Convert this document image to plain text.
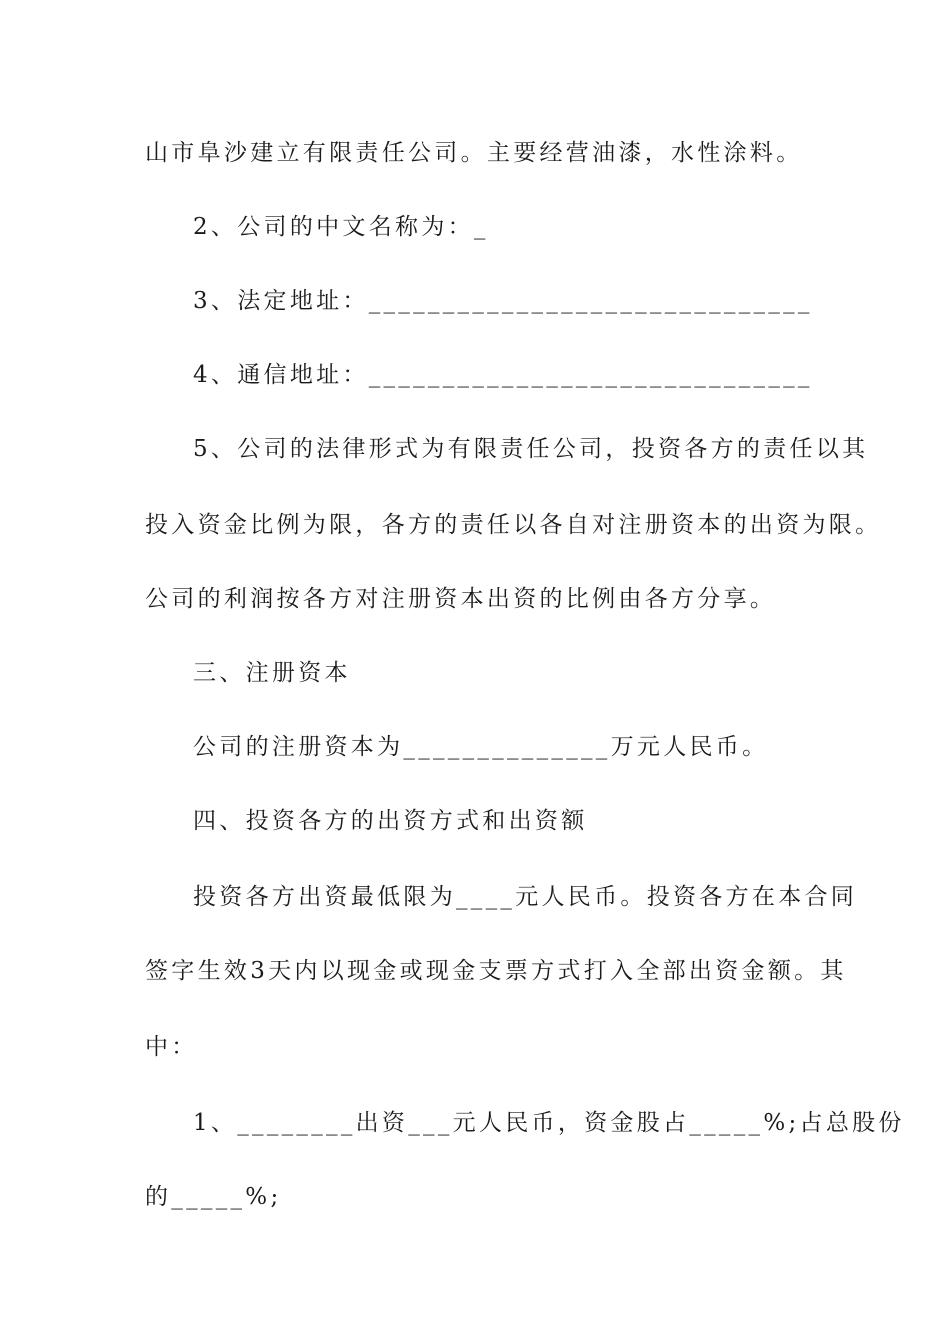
山市阜沙建立有限责任公司。主要经营油漆，水性涂料。
2、公司的中文名称为：_
3、法定地址：______________________________
4、通信地址：______________________________
5、公司的法律形式为有限责任公司，投资各方的责任以其
投入资金比例为限，各方的责任以各自对注册资本的出资为限。
公司的利润按各方对注册资本出资的比例由各方分享。
三、注册资本
公司的注册资本为______________万元人民币。
四、投资各方的出资方式和出资额
投资各方出资最低限为____元人民币。投资各方在本合同
签字生效3天内以现金或现金支票方式打入全部出资金额。其
中：
1、________出资___元人民币，资金股占_____%;占总股份
的_____%;
